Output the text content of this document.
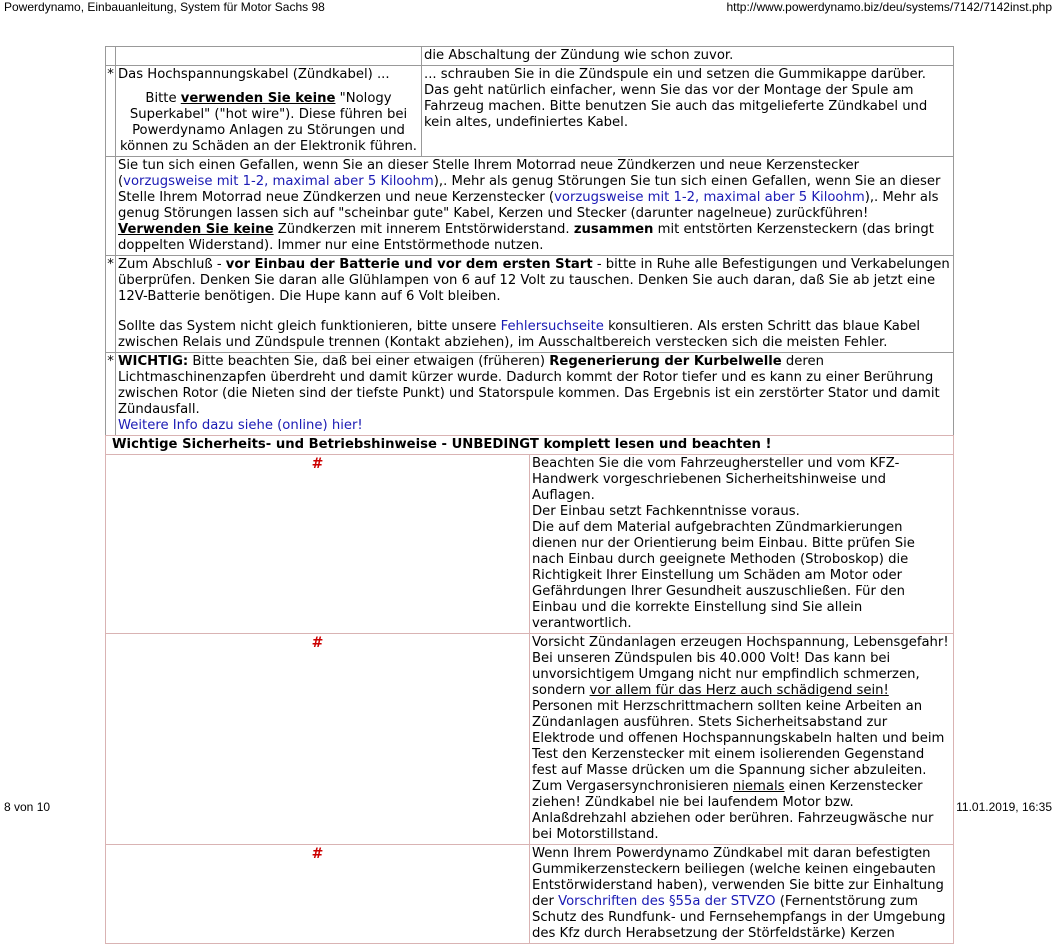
Powerdynamo, Einbauanleitung, System für Motor Sachs 98	http://www.powerdynamo.biz/deu/systems/7142/7142inst.php
		die Abschaltung der Zündung wie schon zuvor.
*	Das Hochspannungskabel (Zündkabel) ...
Bitte verwenden Sie keine "Nology Superkabel" ("hot wire"). Diese führen bei Powerdynamo Anlagen zu Störungen und können zu Schäden an der Elektronik führen.	... schrauben Sie in die Zündspule ein und setzen die Gummikappe darüber. Das geht natürlich einfacher, wenn Sie das vor der Montage der Spule am Fahrzeug machen. Bitte benutzen Sie auch das mitgelieferte Zündkabel und kein altes, undefiniertes Kabel.
	Sie tun sich einen Gefallen, wenn Sie an dieser Stelle Ihrem Motorrad neue Zündkerzen und neue Kerzenstecker (vorzugsweise mit 1-2, maximal aber 5 Kiloohm),. Mehr als genug Störungen Sie tun sich einen Gefallen, wenn Sie an dieser Stelle Ihrem Motorrad neue Zündkerzen und neue Kerzenstecker (vorzugsweise mit 1-2, maximal aber 5 Kiloohm),. Mehr als genug Störungen lassen sich auf "scheinbar gute" Kabel, Kerzen und Stecker (darunter nagelneue) zurückführen! Verwenden Sie keine Zündkerzen mit innerem Entstörwiderstand. zusammen mit entstörten Kerzensteckern (das bringt doppelten Widerstand). Immer nur eine Entstörmethode nutzen.	
*	Zum Abschluß - vor Einbau der Batterie und vor dem ersten Start - bitte in Ruhe alle Befestigungen und Verkabelungen überprüfen. Denken Sie daran alle Glühlampen von 6 auf 12 Volt zu tauschen. Denken Sie auch daran, daß Sie ab jetzt eine 12V-Batterie benötigen. Die Hupe kann auf 6 Volt bleiben.
Sollte das System nicht gleich funktionieren, bitte unsere Fehlersuchseite konsultieren. Als ersten Schritt das blaue Kabel zwischen Relais und Zündspule trennen (Kontakt abziehen), im Ausschaltbereich verstecken sich die meisten Fehler.	

*	WICHTIG: Bitte beachten Sie, daß bei einer etwaigen (früheren) Regenerierung der Kurbelwelle deren Lichtmaschinenzapfen überdreht und damit kürzer wurde. Dadurch kommt der Rotor tiefer und es kann zu einer Berührung zwischen Rotor (die Nieten sind der tiefste Punkt) und Statorspule kommen. Das Ergebnis ist ein zerstörter Stator und damit Zündausfall.
Weitere Info dazu siehe (online) hier!	
Wichtige Sicherheits- und Betriebshinweise - UNBEDINGT komplett lesen und beachten !	
#	Beachten Sie die vom Fahrzeughersteller und vom KFZ-Handwerk vorgeschriebenen Sicherheitshinweise und Auflagen.
Der Einbau setzt Fachkenntnisse voraus.
Die auf dem Material aufgebrachten Zündmarkierungen dienen nur der Orientierung beim Einbau. Bitte prüfen Sie nach Einbau durch geeignete Methoden (Stroboskop) die Richtigkeit Ihrer Einstellung um Schäden am Motor oder Gefährdungen Ihrer Gesundheit auszuschließen. Für den Einbau und die korrekte Einstellung sind Sie allein verantwortlich.

#	Vorsicht Zündanlagen erzeugen Hochspannung, Lebensgefahr! Bei unseren Zündspulen bis 40.000 Volt! Das kann bei unvorsichtigem Umgang nicht nur empfindlich schmerzen, sondern vor allem für das Herz auch schädigend sein!
Personen mit Herzschrittmachern sollten keine Arbeiten an Zündanlagen ausführen. Stets Sicherheitsabstand zur Elektrode und offenen Hochspannungskabeln halten und beim Test den Kerzenstecker mit einem isolierenden Gegenstand fest auf Masse drücken um die Spannung sicher abzuleiten.
Zum Vergasersynchronisieren niemals einen Kerzenstecker ziehen! Zündkabel nie bei laufendem Motor bzw. Anlaßdrehzahl abziehen oder berühren. Fahrzeugwäsche nur bei Motorstillstand.

#	Wenn Ihrem Powerdynamo Zündkabel mit daran befestigten Gummikerzensteckern beiliegen (welche keinen eingebauten Entstörwiderstand haben), verwenden Sie bitte zur Einhaltung der Vorschriften des §55a der STVZO (Fernentstörung zum Schutz des Rundfunk- und Fernsehempfangs in der Umgebung des Kfz durch Herabsetzung der Störfeldstärke) Kerzen
8 von 10	11.01.2019, 16:35
